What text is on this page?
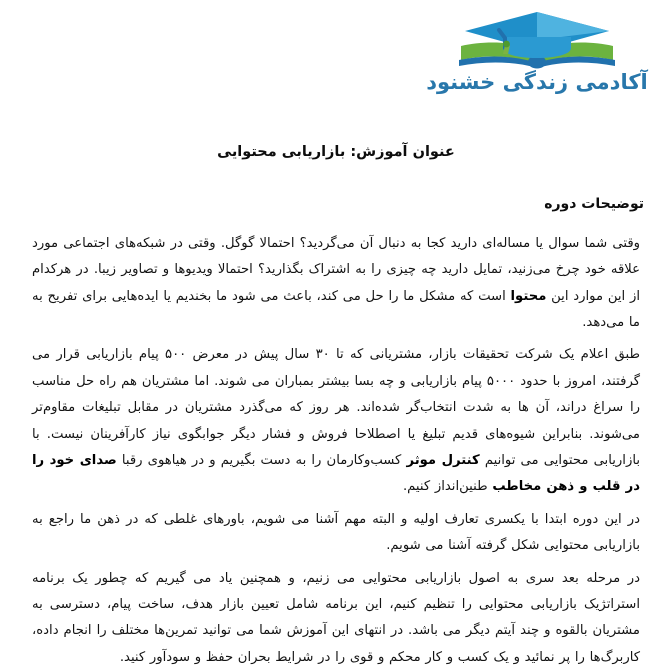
آکادمی زندگی خشنود
عنوان آموزش: بازاریابی محتوایی
توضیحات دوره

وقتی شما سوال یا مساله‌ای دارید کجا به دنبال آن می‌گردید؟ احتمالا گوگل. وقتی در شبکه‌های اجتماعی مورد علاقه خود چرخ می‌زنید، تمایل دارید چه چیزی را به اشتراک بگذارید؟ احتمالا ویدیوها و تصاویر زیبا. در هرکدام از این موارد این محتوا است که مشکل ما را حل می کند، باعث می شود ما بخندیم یا ایده‌هایی برای تفریح به ما می‌دهد.

طبق اعلام یک شرکت تحقیقات بازار، مشتریانی که تا ۳۰ سال پیش در معرض ۵۰۰ پیام بازاریابی قرار می گرفتند، امروز با حدود ۵۰۰۰ پیام بازاریابی و چه بسا بیشتر بمباران می شوند. اما مشتریان هم راه حل مناسب را سراغ دراند، آن ها به شدت انتخاب‌گر شده‌اند. هر روز که می‌گذرد مشتریان در مقابل تبلیغات مقاوم‌تر می‌شوند. بنابراین شیوه‌های قدیم تبلیغ یا اصطلاحا فروش و فشار دیگر جوابگوی نیاز کارآفرینان نیست. با بازاریابی محتوایی می توانیم کنترل موثر کسب‌وکارمان را به دست بگیریم و در هیاهوی رقبا صدای خود را در قلب و ذهن مخاطب طنین‌انداز کنیم.

در این دوره ابتدا با یکسری تعارف اولیه و البته مهم آشنا می شویم، باورهای غلطی که در ذهن ما راجع به بازاریابی محتوایی شکل گرفته آشنا می شویم.

در مرحله بعد سری به اصول بازاریابی محتوایی می زنیم، و همچنین یاد می گیریم که چطور یک برنامه استراتژیک بازاریابی محتوایی را تنظیم کنیم، این برنامه شامل تعیین بازار هدف، ساخت پیام، دسترسی به مشتریان بالقوه و چند آیتم دیگر می باشد. در انتهای این آموزش شما می توانید تمرین‌ها مختلف را انجام داده، کاربرگ‌ها را پر نمائید و یک کسب و کار محکم و قوی را در شرایط بحران حفظ و سودآور کنید.
